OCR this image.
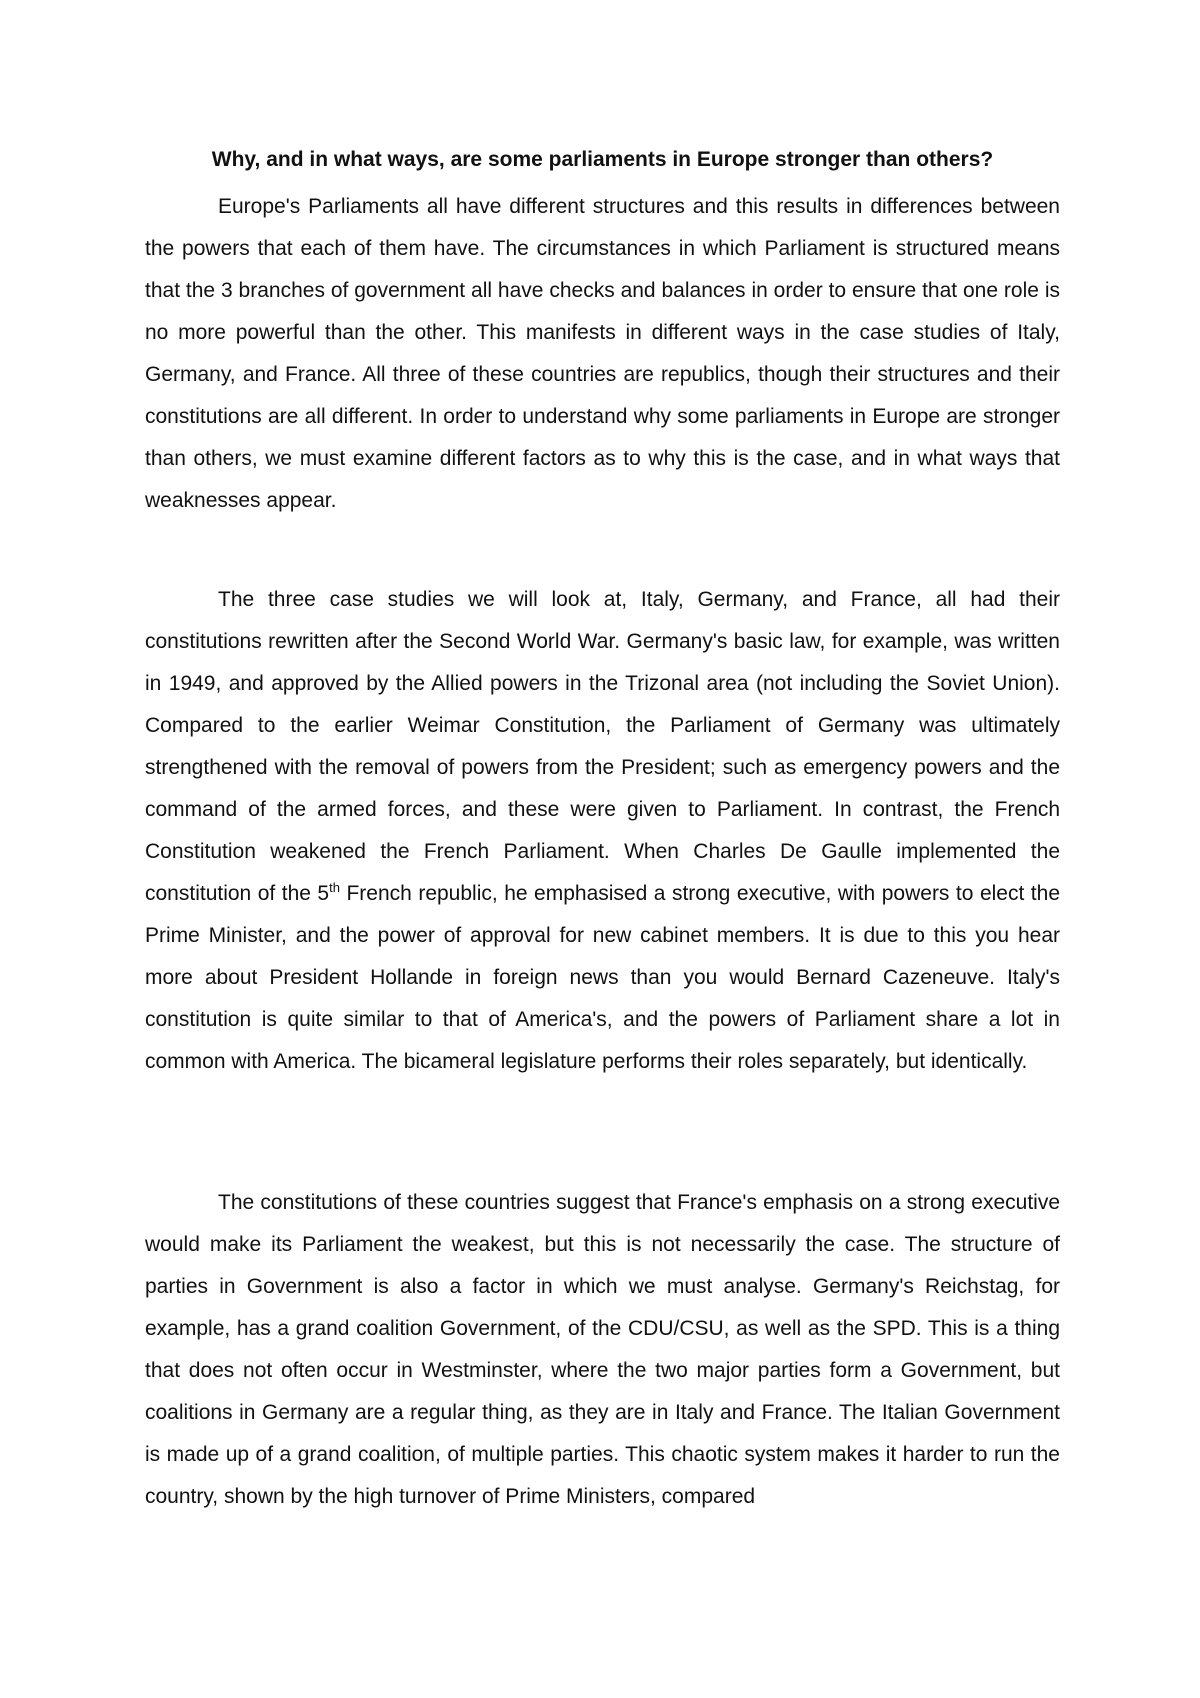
Why, and in what ways, are some parliaments in Europe stronger than others?

Europe's Parliaments all have different structures and this results in differences between the powers that each of them have. The circumstances in which Parliament is structured means that the 3 branches of government all have checks and balances in order to ensure that one role is no more powerful than the other. This manifests in different ways in the case studies of Italy, Germany, and France. All three of these countries are republics, though their structures and their constitutions are all different. In order to understand why some parliaments in Europe are stronger than others, we must examine different factors as to why this is the case, and in what ways that weaknesses appear.

The three case studies we will look at, Italy, Germany, and France, all had their constitutions rewritten after the Second World War. Germany's basic law, for example, was written in 1949, and approved by the Allied powers in the Trizonal area (not including the Soviet Union). Compared to the earlier Weimar Constitution, the Parliament of Germany was ultimately strengthened with the removal of powers from the President; such as emergency powers and the command of the armed forces, and these were given to Parliament. In contrast, the French Constitution weakened the French Parliament. When Charles De Gaulle implemented the constitution of the 5th French republic, he emphasised a strong executive, with powers to elect the Prime Minister, and the power of approval for new cabinet members. It is due to this you hear more about President Hollande in foreign news than you would Bernard Cazeneuve. Italy's constitution is quite similar to that of America's, and the powers of Parliament share a lot in common with America. The bicameral legislature performs their roles separately, but identically.

The constitutions of these countries suggest that France's emphasis on a strong executive would make its Parliament the weakest, but this is not necessarily the case. The structure of parties in Government is also a factor in which we must analyse. Germany's Reichstag, for example, has a grand coalition Government, of the CDU/CSU, as well as the SPD. This is a thing that does not often occur in Westminster, where the two major parties form a Government, but coalitions in Germany are a regular thing, as they are in Italy and France. The Italian Government is made up of a grand coalition, of multiple parties. This chaotic system makes it harder to run the country, shown by the high turnover of Prime Ministers, compared
